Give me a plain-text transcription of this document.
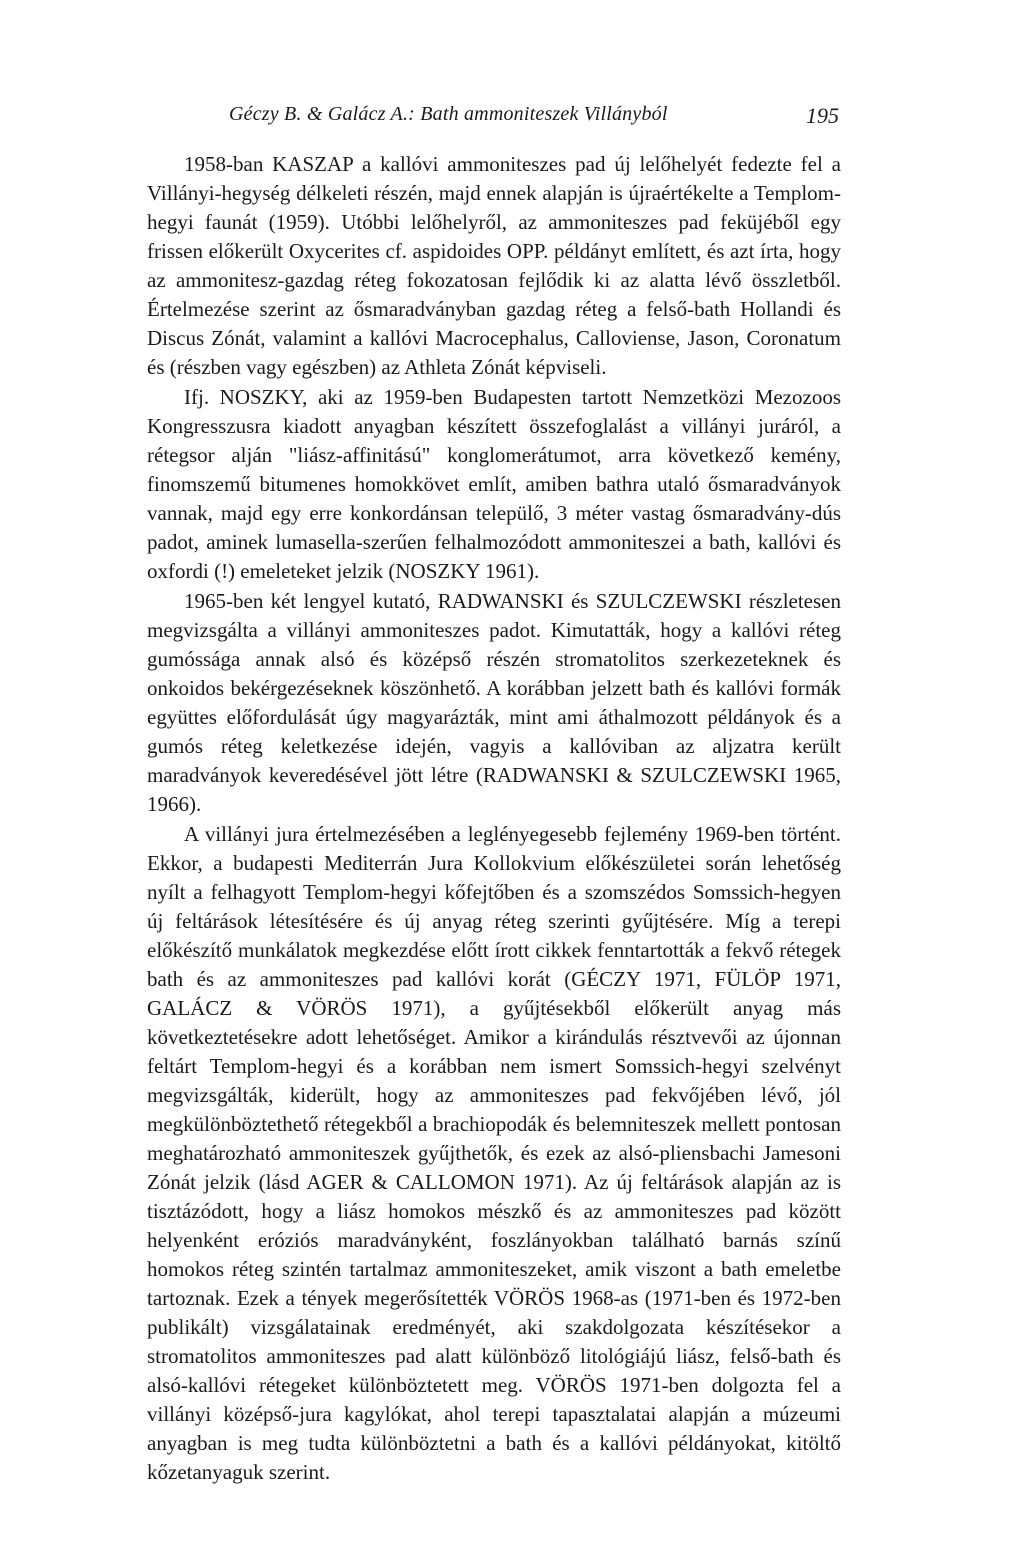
Géczy B. & Galácz A.: Bath ammoniteszek Villányból	195

1958-ban KASZAP a kallóvi ammoniteszes pad új lelőhelyét fedezte fel a Villányi-hegység délkeleti részén, majd ennek alapján is újraértékelte a Templom-hegyi faunát (1959). Utóbbi lelőhelyről, az ammoniteszes pad feküjéből egy frissen előkerült Oxycerites cf. aspidoides OPP. példányt említett, és azt írta, hogy az ammonitesz-gazdag réteg fokozatosan fejlődik ki az alatta lévő összletből. Értelmezése szerint az ősmaradványban gazdag réteg a felső-bath Hollandi és Discus Zónát, valamint a kallóvi Macrocephalus, Calloviense, Jason, Coronatum és (részben vagy egészben) az Athleta Zónát képviseli.

Ifj. NOSZKY, aki az 1959-ben Budapesten tartott Nemzetközi Mezozoos Kongresszusra kiadott anyagban készített összefoglalást a villányi juráról, a rétegsor alján "liász-affinitású" konglomerátumot, arra következő kemény, finomszemű bitumenes homokkövet említ, amiben bathra utaló ősmaradványok vannak, majd egy erre konkordánsan települő, 3 méter vastag ősmaradvány-dús padot, aminek lumasella-szerűen felhalmozódott ammoniteszei a bath, kallóvi és oxfordi (!) emeleteket jelzik (NOSZKY 1961).

1965-ben két lengyel kutató, RADWANSKI és SZULCZEWSKI részletesen megvizsgálta a villányi ammoniteszes padot. Kimutatták, hogy a kallóvi réteg gumóssága annak alsó és középső részén stromatolitos szerkezeteknek és onkoidos bekérgezéseknek köszönhető. A korábban jelzett bath és kallóvi formák együttes előfordulását úgy magyarázták, mint ami áthalmozott példányok és a gumós réteg keletkezése idején, vagyis a kallóviban az aljzatra került maradványok keveredésével jött létre (RADWANSKI & SZULCZEWSKI 1965, 1966).

A villányi jura értelmezésében a leglényegesebb fejlemény 1969-ben történt. Ekkor, a budapesti Mediterrán Jura Kollokvium előkészületei során lehetőség nyílt a felhagyott Templom-hegyi kőfejtőben és a szomszédos Somssich-hegyen új feltárások létesítésére és új anyag réteg szerinti gyűjtésére. Míg a terepi előkészítő munkálatok megkezdése előtt írott cikkek fenntartották a fekvő rétegek bath és az ammoniteszes pad kallóvi korát (GÉCZY 1971, FÜLÖP 1971, GALÁCZ & VÖRÖS 1971), a gyűjtésekből előkerült anyag más következtetésekre adott lehetőséget. Amikor a kirándulás résztvevői az újonnan feltárt Templom-hegyi és a korábban nem ismert Somssich-hegyi szelvényt megvizsgálták, kiderült, hogy az ammoniteszes pad fekvőjében lévő, jól megkülönböztethető rétegekből a brachiopodák és belemniteszek mellett pontosan meghatározható ammoniteszek gyűjthetők, és ezek az alsó-pliensbachi Jamesoni Zónát jelzik (lásd AGER & CALLOMON 1971). Az új feltárások alapján az is tisztázódott, hogy a liász homokos mészkő és az ammoniteszes pad között helyenként eróziós maradványként, foszlányokban található barnás színű homokos réteg szintén tartalmaz ammoniteszeket, amik viszont a bath emeletbe tartoznak. Ezek a tények megerősítették VÖRÖS 1968-as (1971-ben és 1972-ben publikált) vizsgálatainak eredményét, aki szakdolgozata készítésekor a stromatolitos ammoniteszes pad alatt különböző litológiájú liász, felső-bath és alsó-kallóvi rétegeket különböztetett meg. VÖRÖS 1971-ben dolgozta fel a villányi középső-jura kagylókat, ahol terepi tapasztalatai alapján a múzeumi anyagban is meg tudta különböztetni a bath és a kallóvi példányokat, kitöltő kőzetanyaguk szerint.
